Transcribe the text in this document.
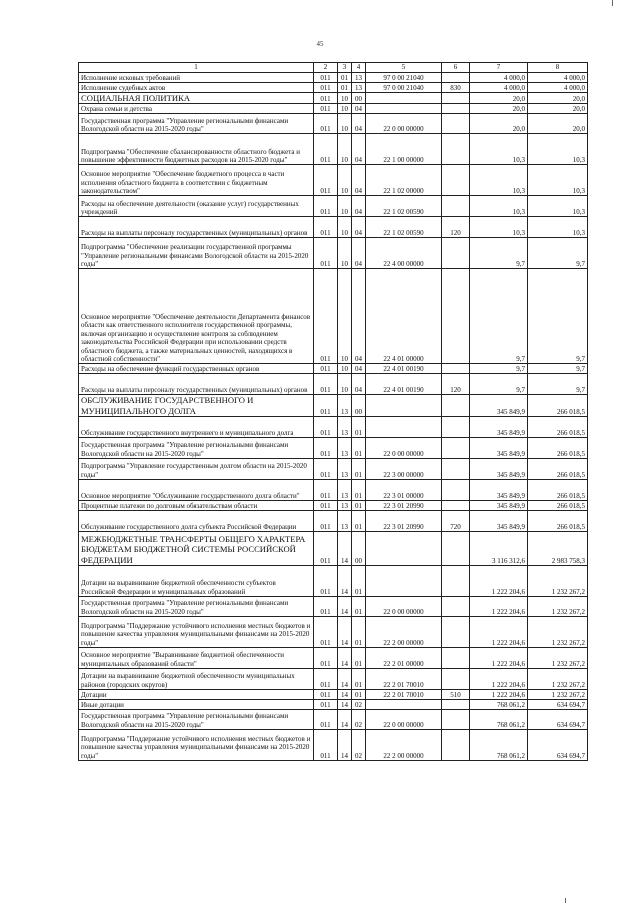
45
1	2	3	4	5	6	7	8
Исполнение исковых требований	011	01	13	97 0 00 21040		4 000,0	4 000,0
Исполнение судебных актов	011	01	13	97 0 00 21040	830	4 000,0	4 000,0
СОЦИАЛЬНАЯ ПОЛИТИКА	011	10	00			20,0	20,0
Охрана семьи и детства	011	10	04			20,0	20,0
Государственная программа "Управление региональными финансами Вологодской области на 2015-2020 годы"	011	10	04	22 0 00 00000		20,0	20,0
Подпрограмма "Обеспечение сбалансированности областного бюджета и повышение эффективности бюджетных расходов на 2015-2020 годы"	011	10	04	22 1 00 00000		10,3	10,3
Основное мероприятие "Обеспечение бюджетного процесса в части исполнения областного бюджета в соответствии с бюджетным законодательством"	011	10	04	22 1 02 00000		10,3	10,3
Расходы на обеспечение деятельности (оказание услуг) государственных учреждений	011	10	04	22 1 02 00590		10,3	10,3
Расходы на выплаты персоналу государственных (муниципальных) органов	011	10	04	22 1 02 00590	120	10,3	10,3
Подпрограмма "Обеспечение реализации государственной программы "Управление региональными финансами Вологодской области на 2015-2020 годы"	011	10	04	22 4 00 00000		9,7	9,7
Основное мероприятие "Обеспечение деятельности Департамента финансов области как ответственного исполнителя государственной программы, включая организацию и осуществление контроля за соблюдением законодательства Российской Федерации при использовании средств областного бюджета, а также материальных ценностей, находящихся в областной собственности"	011	10	04	22 4 01 00000		9,7	9,7
Расходы на обеспечение функций государственных органов	011	10	04	22 4 01 00190		9,7	9,7
Расходы на выплаты персоналу государственных (муниципальных) органов	011	10	04	22 4 01 00190	120	9,7	9,7
ОБСЛУЖИВАНИЕ ГОСУДАРСТВЕННОГО И МУНИЦИПАЛЬНОГО ДОЛГА	011	13	00			345 849,9	266 018,5
Обслуживание государственного внутреннего и муниципального долга	011	13	01			345 849,9	266 018,5
Государственная программа "Управление региональными финансами Вологодской области на 2015-2020 годы"	011	13	01	22 0 00 00000		345 849,9	266 018,5
Подпрограмма "Управление государственным долгом области на 2015-2020 годы"	011	13	01	22 3 00 00000		345 849,9	266 018,5
Основное мероприятие "Обслуживание государственного долга области"	011	13	01	22 3 01 00000		345 849,9	266 018,5
Процентные платежи по долговым обязательствам области	011	13	01	22 3 01 20990		345 849,9	266 018,5
Обслуживание государственного долга субъекта Российской Федерации	011	13	01	22 3 01 20990	720	345 849,9	266 018,5
МЕЖБЮДЖЕТНЫЕ ТРАНСФЕРТЫ ОБЩЕГО ХАРАКТЕРА БЮДЖЕТАМ БЮДЖЕТНОЙ СИСТЕМЫ РОССИЙСКОЙ ФЕДЕРАЦИИ	011	14	00			3 116 312,6	2 983 758,3
Дотации на выравнивание бюджетной обеспеченности субъектов Российской Федерации и муниципальных образований	011	14	01			1 222 204,6	1 232 267,2
Государственная программа "Управление региональными финансами Вологодской области на 2015-2020 годы"	011	14	01	22 0 00 00000		1 222 204,6	1 232 267,2
Подпрограмма "Поддержание устойчивого исполнения местных бюджетов и повышение качества управления муниципальными финансами на 2015-2020 годы"	011	14	01	22 2 00 00000		1 222 204,6	1 232 267,2
Основное мероприятие "Выравнивание бюджетной обеспеченности муниципальных образований области"	011	14	01	22 2 01 00000		1 222 204,6	1 232 267,2
Дотации на выравнивание бюджетной обеспеченности муниципальных районов (городских округов)	011	14	01	22 2 01 70010		1 222 204,6	1 232 267,2
Дотации	011	14	01	22 2 01 70010	510	1 222 204,6	1 232 267,2
Иные дотации	011	14	02			768 061,2	634 694,7
Государственная программа "Управление региональными финансами Вологодской области на 2015-2020 годы"	011	14	02	22 0 00 00000		768 061,2	634 694,7
Подпрограмма "Поддержание устойчивого исполнения местных бюджетов и повышение качества управления муниципальными финансами на 2015-2020 годы"	011	14	02	22 2 00 00000		768 061,2	634 694,7
